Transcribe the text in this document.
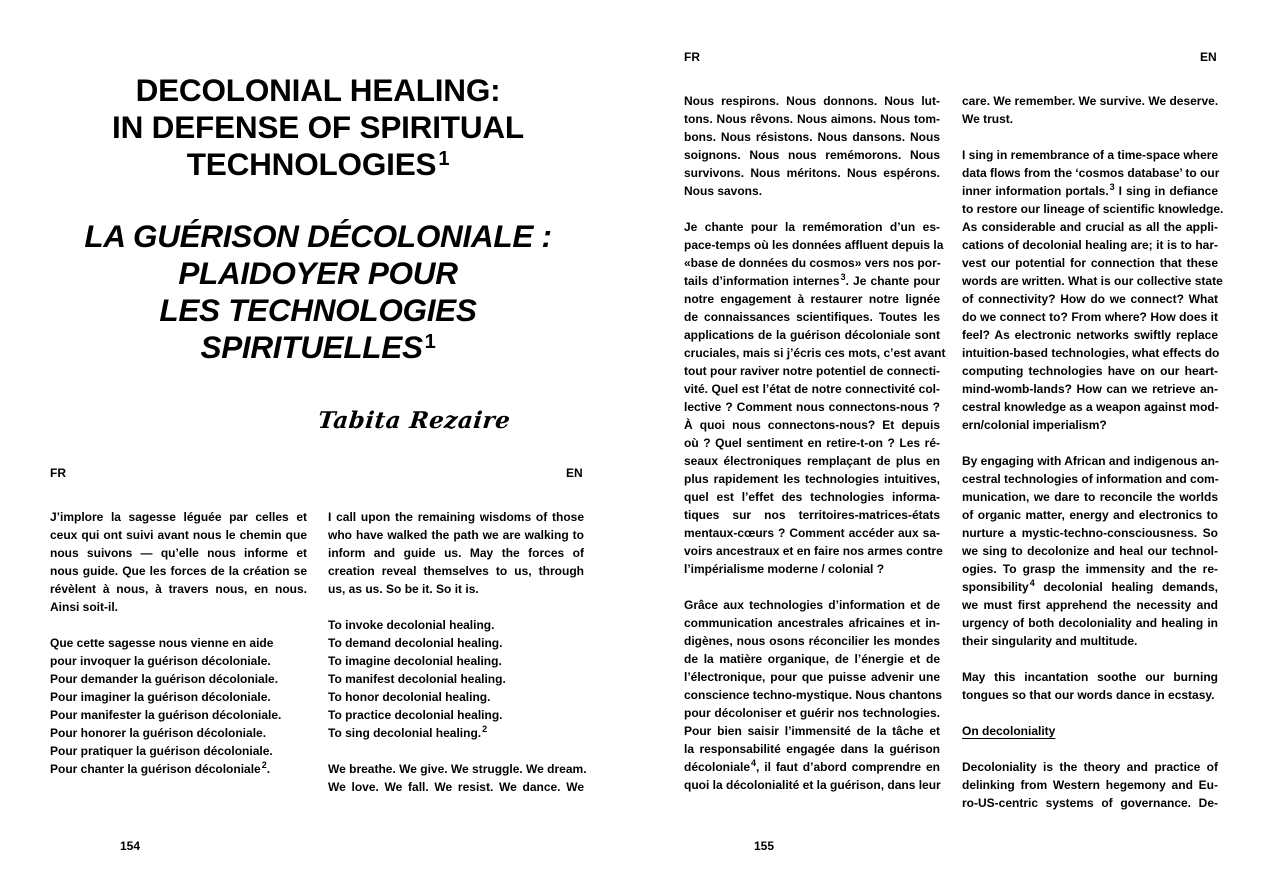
DECOLONIAL HEALING:
IN DEFENSE OF SPIRITUAL
TECHNOLOGIES $^1$
LA GUÉRISON DÉCOLONIALE :
PLAIDOYER POUR
LES TECHNOLOGIES
SPIRITUELLES $^1$
Tabita Rezaire
FR	EN

J’implore la sagesse léguée par celles et ceux qui ont suivi avant nous le chemin que nous suivons — qu’elle nous informe et nous guide. Que les forces de la création se révèlent à nous, à travers nous, en nous. Ainsi soit-il.

Que cette sagesse nous vienne en aide
pour invoquer la guérison décoloniale.
Pour demander la guérison décoloniale.
Pour imaginer la guérison décoloniale.
Pour manifester la guérison décoloniale.
Pour honorer la guérison décoloniale.
Pour pratiquer la guérison décoloniale.
Pour chanter la guérison décoloniale$^2$.

I call upon the remaining wisdoms of those who have walked the path we are walking to inform and guide us. May the forces of creation reveal themselves to us, through us, as us. So be it. So it is.

To invoke decolonial healing.
To demand decolonial healing.
To imagine decolonial healing.
To manifest decolonial healing.
To honor decolonial healing.
To practice decolonial healing.
To sing decolonial healing.$^2$
We breathe. We give. We struggle. We dream.
We love. We fall. We resist. We dance. We
154
FR	EN
Nous respirons. Nous donnons. Nous lut-
tons. Nous rêvons. Nous aimons. Nous tom-
bons. Nous résistons. Nous dansons. Nous
soignons. Nous nous remémorons. Nous
survivons. Nous méritons. Nous espérons.
Nous savons.
Je chante pour la remémoration d’un es-
pace-temps où les données affluent depuis la
«base de données du cosmos» vers nos por-
tails d’information internes$^3$. Je chante pour
notre engagement à restaurer notre lignée
de connaissances scientifiques. Toutes les
applications de la guérison décoloniale sont
cruciales, mais si j’écris ces mots, c’est avant
tout pour raviver notre potentiel de connecti-
vité. Quel est l’état de notre connectivité col-
lective ? Comment nous connectons-nous ?
À quoi nous connectons-nous? Et depuis
où ? Quel sentiment en retire-t-on ? Les ré-
seaux électroniques remplaçant de plus en
plus rapidement les technologies intuitives,
quel est l’effet des technologies informa-
tiques sur nos territoires-matrices-états
mentaux-cœurs ? Comment accéder aux sa-
voirs ancestraux et en faire nos armes contre
l’impérialisme moderne / colonial ?
Grâce aux technologies d’information et de
communication ancestrales africaines et in-
digènes, nous osons réconcilier les mondes
de la matière organique, de l’énergie et de
l’électronique, pour que puisse advenir une
conscience techno-mystique. Nous chantons
pour décoloniser et guérir nos technologies.
Pour bien saisir l’immensité de la tâche et
la responsabilité engagée dans la guérison
décoloniale$^4$, il faut d’abord comprendre en
quoi la décolonialité et la guérison, dans leur
care. We remember. We survive. We deserve.
We trust.
I sing in remembrance of a time-space where
data flows from the ‘cosmos database’ to our
inner information portals.$^3$ I sing in defiance
to restore our lineage of scientific knowledge.
As considerable and crucial as all the appli-
cations of decolonial healing are; it is to har-
vest our potential for connection that these
words are written. What is our collective state
of connectivity? How do we connect? What
do we connect to? From where? How does it
feel? As electronic networks swiftly replace
intuition-based technologies, what effects do
computing technologies have on our heart-
mind-womb-lands? How can we retrieve an-
cestral knowledge as a weapon against mod-
ern/colonial imperialism?
By engaging with African and indigenous an-
cestral technologies of information and com-
munication, we dare to reconcile the worlds
of organic matter, energy and electronics to
nurture a mystic-techno-consciousness. So
we sing to decolonize and heal our technol-
ogies. To grasp the immensity and the re-
sponsibility$^4$ decolonial healing demands,
we must first apprehend the necessity and
urgency of both decoloniality and healing in
their singularity and multitude.
May this incantation soothe our burning
tongues so that our words dance in ecstasy.
On decoloniality
Decoloniality is the theory and practice of
delinking from Western hegemony and Eu-
ro-US-centric systems of governance. De-
155
